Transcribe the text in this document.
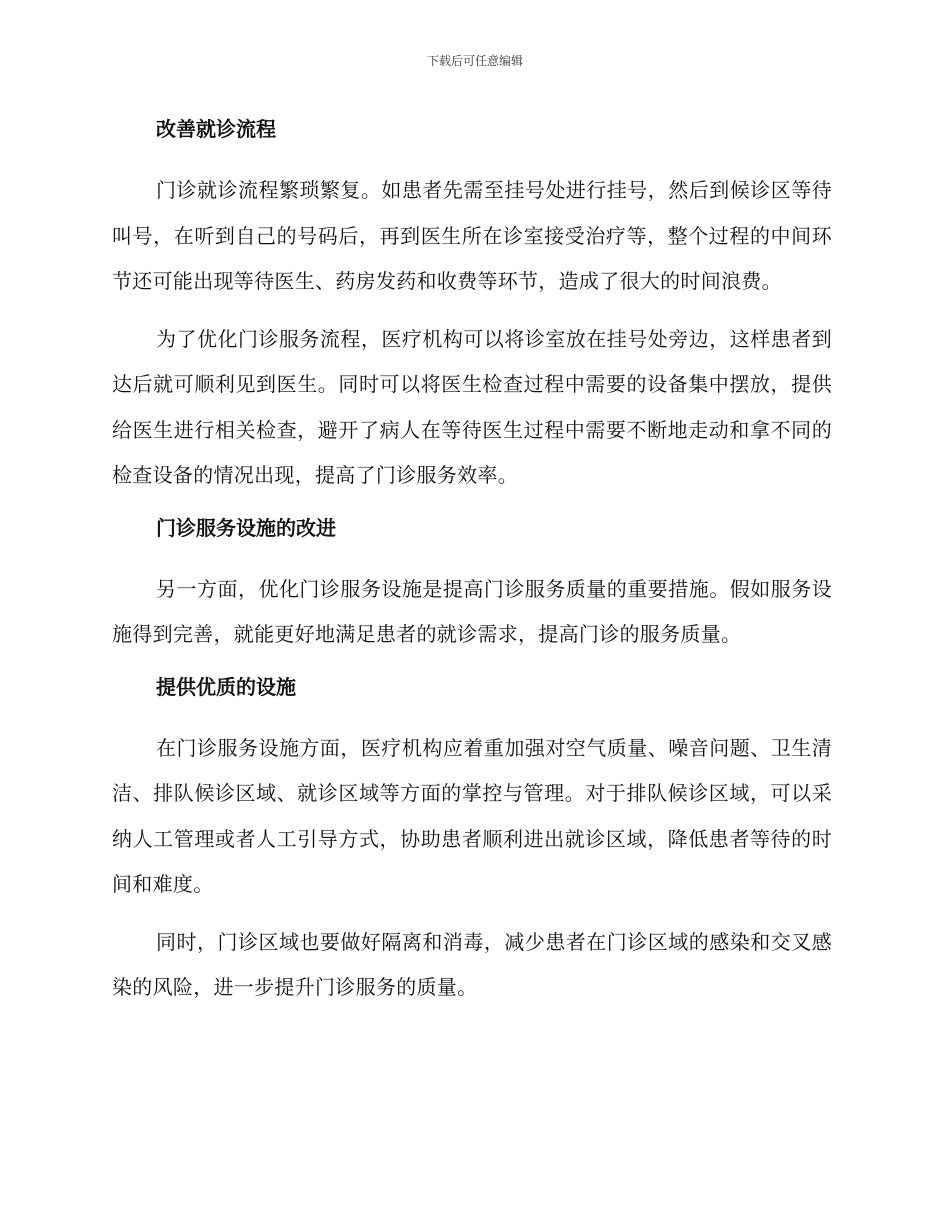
下载后可任意编辑
改善就诊流程

门诊就诊流程繁琐繁复。如患者先需至挂号处进行挂号，然后到候诊区等待叫号，在听到自己的号码后，再到医生所在诊室接受治疗等，整个过程的中间环节还可能出现等待医生、药房发药和收费等环节，造成了很大的时间浪费。

为了优化门诊服务流程，医疗机构可以将诊室放在挂号处旁边，这样患者到达后就可顺利见到医生。同时可以将医生检查过程中需要的设备集中摆放，提供给医生进行相关检查，避开了病人在等待医生过程中需要不断地走动和拿不同的检查设备的情况出现，提高了门诊服务效率。

门诊服务设施的改进

另一方面，优化门诊服务设施是提高门诊服务质量的重要措施。假如服务设施得到完善，就能更好地满足患者的就诊需求，提高门诊的服务质量。

提供优质的设施

在门诊服务设施方面，医疗机构应着重加强对空气质量、噪音问题、卫生清洁、排队候诊区域、就诊区域等方面的掌控与管理。对于排队候诊区域，可以采纳人工管理或者人工引导方式，协助患者顺利进出就诊区域，降低患者等待的时间和难度。

同时，门诊区域也要做好隔离和消毒，减少患者在门诊区域的感染和交叉感染的风险，进一步提升门诊服务的质量。
